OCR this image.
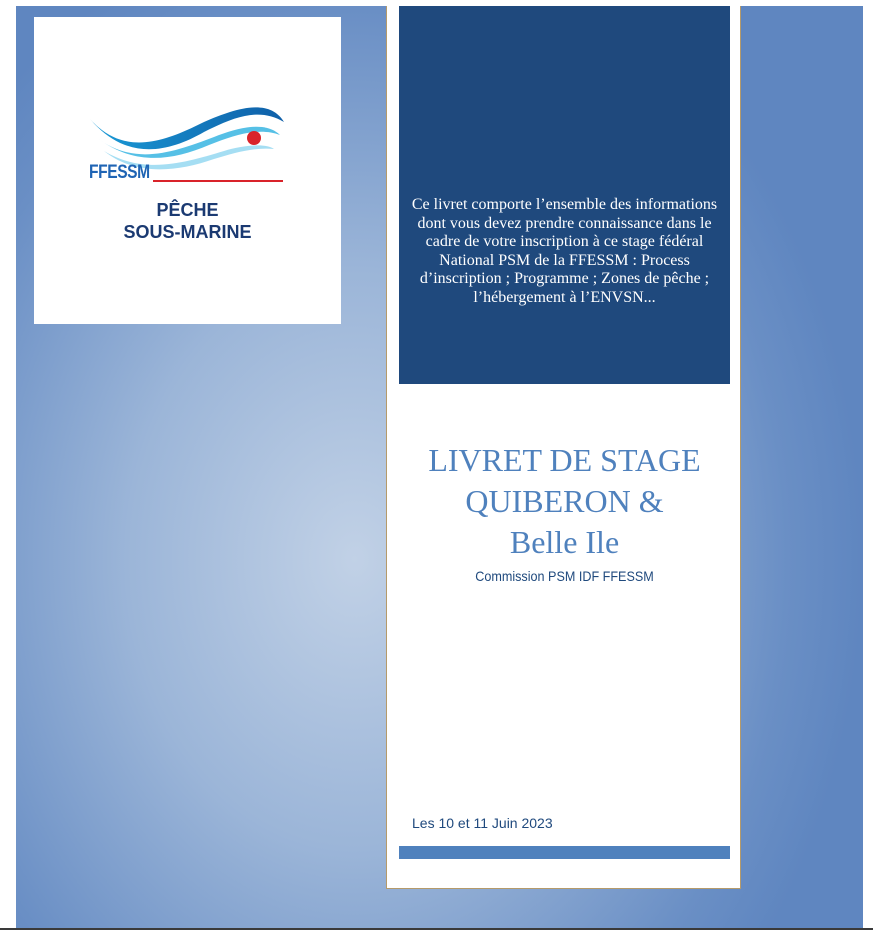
FFESSM
PÊCHE
SOUS-MARINE
Ce livret comporte l’ensemble des informations dont vous devez prendre connaissance dans le cadre de votre inscription à ce stage fédéral National PSM de la FFESSM : Process d’inscription ; Programme ; Zones de pêche ; l’hébergement à l’ENVSN...
LIVRET DE STAGE
QUIBERON &
Belle Ile
Commission PSM IDF FFESSM
Les 10 et 11 Juin 2023
